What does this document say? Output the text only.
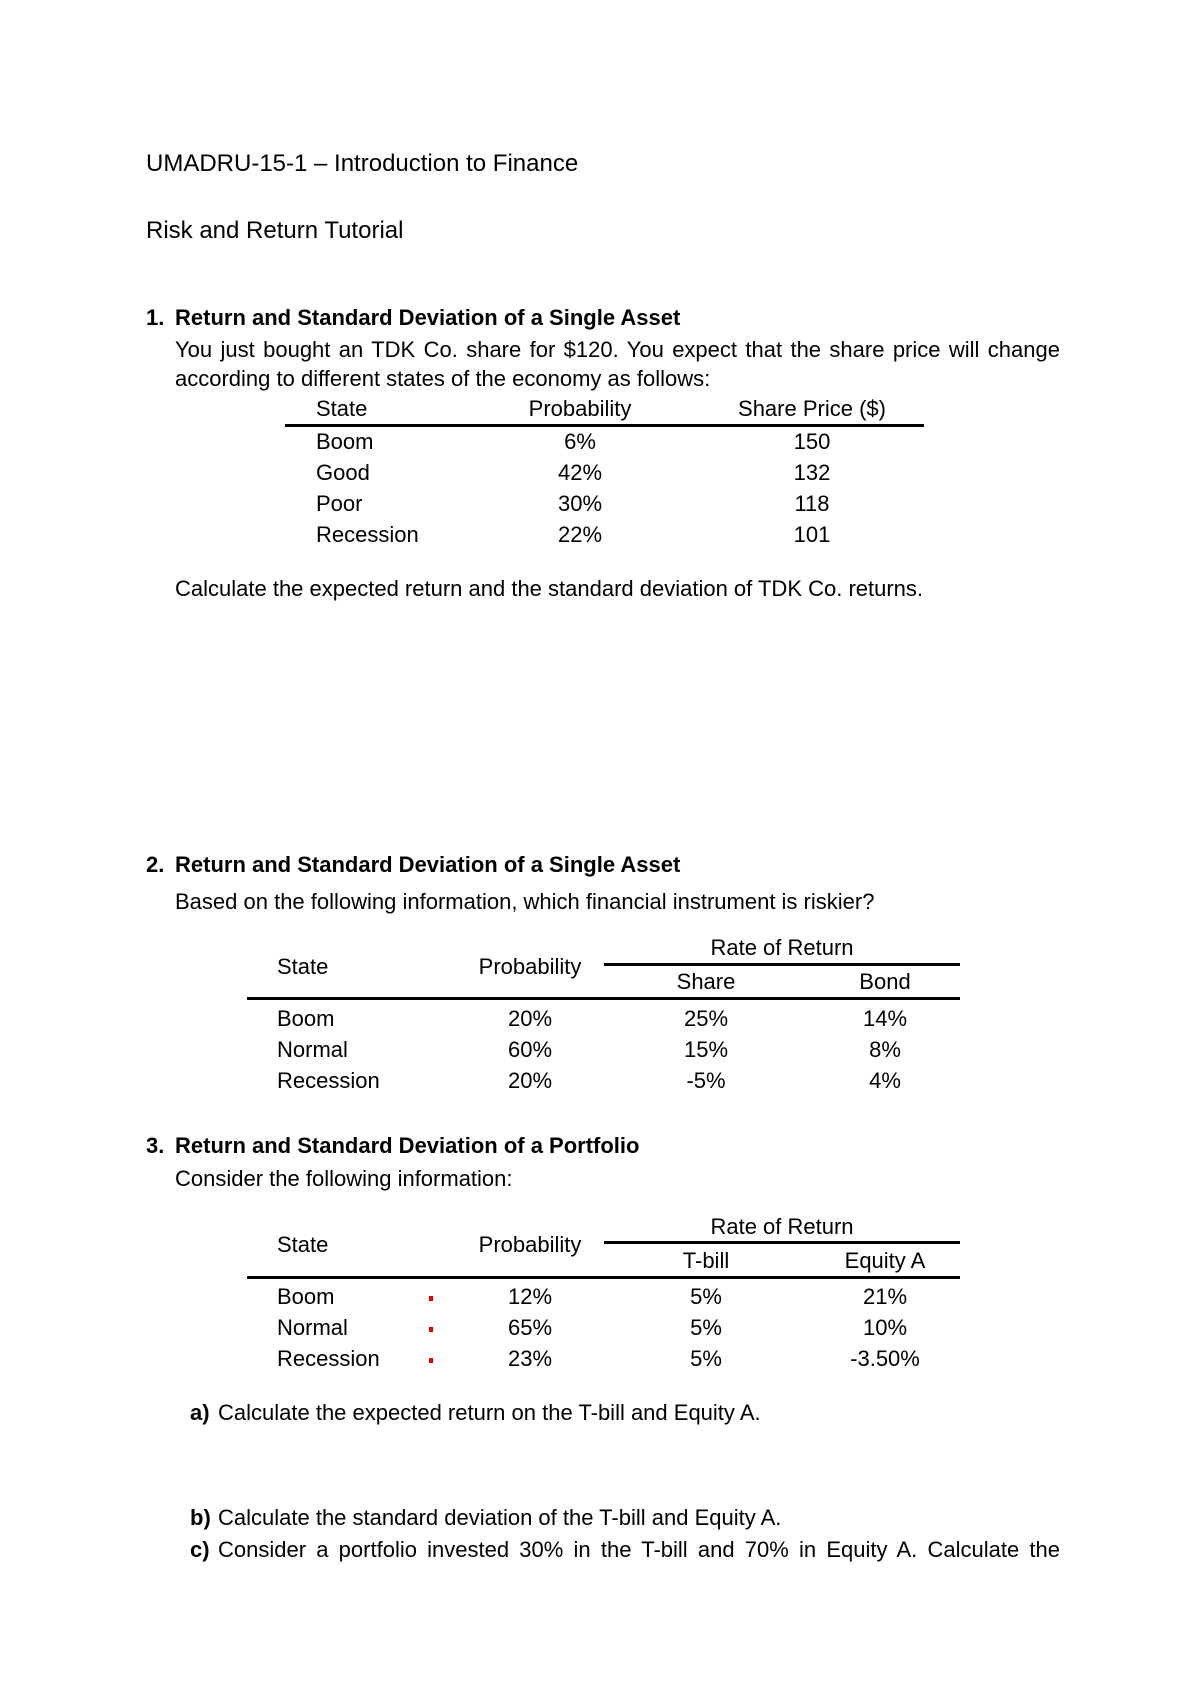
UMADRU-15-1 – Introduction to Finance
Risk and Return Tutorial
1. Return and Standard Deviation of a Single Asset
You just bought an TDK Co. share for $120. You expect that the share price will change
according to different states of the economy as follows:
State	Probability	Share Price ($)
Boom	6%	150
Good	42%	132
Poor	30%	118
Recession	22%	101
Calculate the expected return and the standard deviation of TDK Co. returns.
2. Return and Standard Deviation of a Single Asset
Based on the following information, which financial instrument is riskier?
State	Probability
Rate of Return
Share	Bond
Boom	20%	25%	14%
Normal	60%	15%	8%
Recession	20%	-5%	4%
3. Return and Standard Deviation of a Portfolio
Consider the following information:
State	Probability
Rate of Return
T-bill	Equity A
Boom	12%	5%	21%
Normal	65%	5%	10%
Recession	23%	5%	-3.50%
a) Calculate the expected return on the T-bill and Equity A.
b) Calculate the standard deviation of the T-bill and Equity A.
c) Consider a portfolio invested 30% in the T-bill and 70% in Equity A. Calculate the
